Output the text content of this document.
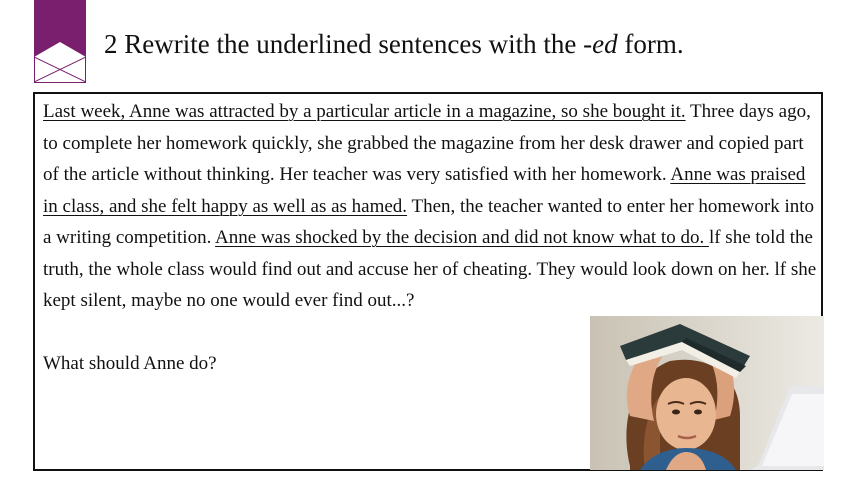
2 Rewrite the underlined sentences with the -ed form.

Last week, Anne was attracted by a particular article in a magazine, so she bought it. Three days ago, to complete her homework quickly, she grabbed the magazine from her desk drawer and copied part of the article without thinking. Her teacher was very satisfied with her homework. Anne was praised in class, and she felt happy as well as as hamed. Then, the teacher wanted to enter her homework into a writing competition. Anne was shocked by the decision and did not know what to do. lf she told the truth, the whole class would find out and accuse her of cheating. They would look down on her. lf she kept silent, maybe no one would ever find out...?

What should Anne do?
